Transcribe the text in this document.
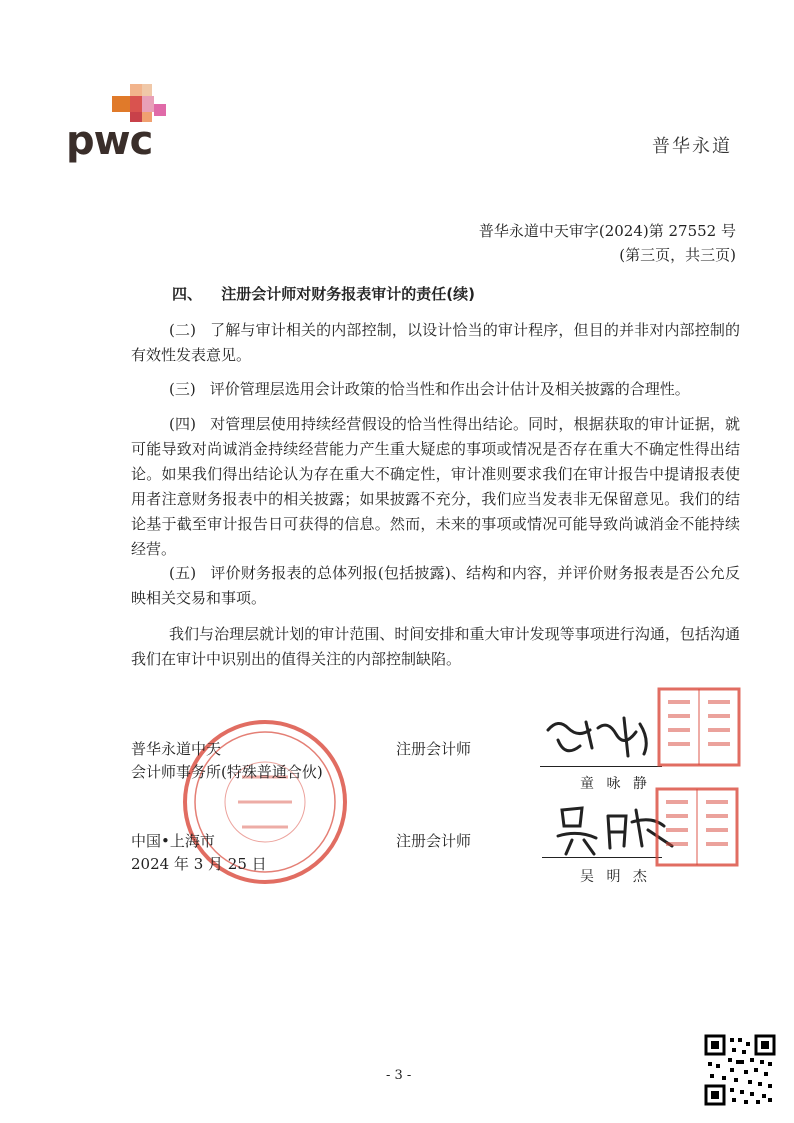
pwc	普华永道
普华永道中天审字(2024)第 27552 号
(第三页，共三页)
四、 注册会计师对财务报表审计的责任(续)
(二) 了解与审计相关的内部控制，以设计恰当的审计程序，但目的并非对内部控制的有效性发表意见。
(三) 评价管理层选用会计政策的恰当性和作出会计估计及相关披露的合理性。
(四) 对管理层使用持续经营假设的恰当性得出结论。同时，根据获取的审计证据，就可能导致对尚诚消金持续经营能力产生重大疑虑的事项或情况是否存在重大不确定性得出结论。如果我们得出结论认为存在重大不确定性，审计准则要求我们在审计报告中提请报表使用者注意财务报表中的相关披露；如果披露不充分，我们应当发表非无保留意见。我们的结论基于截至审计报告日可获得的信息。然而，未来的事项或情况可能导致尚诚消金不能持续经营。
(五) 评价财务报表的总体列报(包括披露)、结构和内容，并评价财务报表是否公允反映相关交易和事项。
我们与治理层就计划的审计范围、时间安排和重大审计发现等事项进行沟通，包括沟通我们在审计中识别出的值得关注的内部控制缺陷。
普华永道中天
会计师事务所(特殊普通合伙)
中国•上海市
2024 年 3 月 25 日
注册会计师
童 咏 静
注册会计师
吴 明 杰
- 3 -
